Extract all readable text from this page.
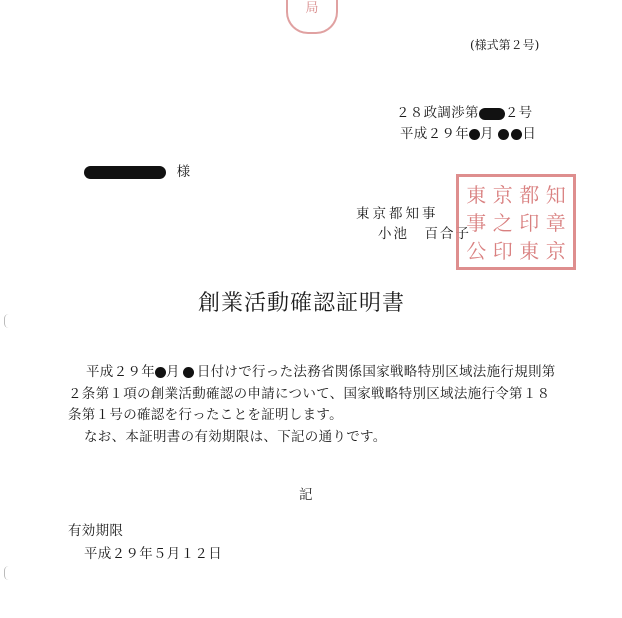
局
(様式第２号)
２８政調渉第 ２号
平成２９年 月 日
様
東京都知事
小池　百合子
東 京 都 知
事 之 印 章
公 印 東 京
創業活動確認証明書
平成２９年 月 日付けで行った法務省関係国家戦略特別区域法施行規則第
２条第１項の創業活動確認の申請について、国家戦略特別区域法施行令第１８
条第１号の確認を行ったことを証明します。
なお、本証明書の有効期限は、下記の通りです。
記
有効期限
平成２９年５月１２日
